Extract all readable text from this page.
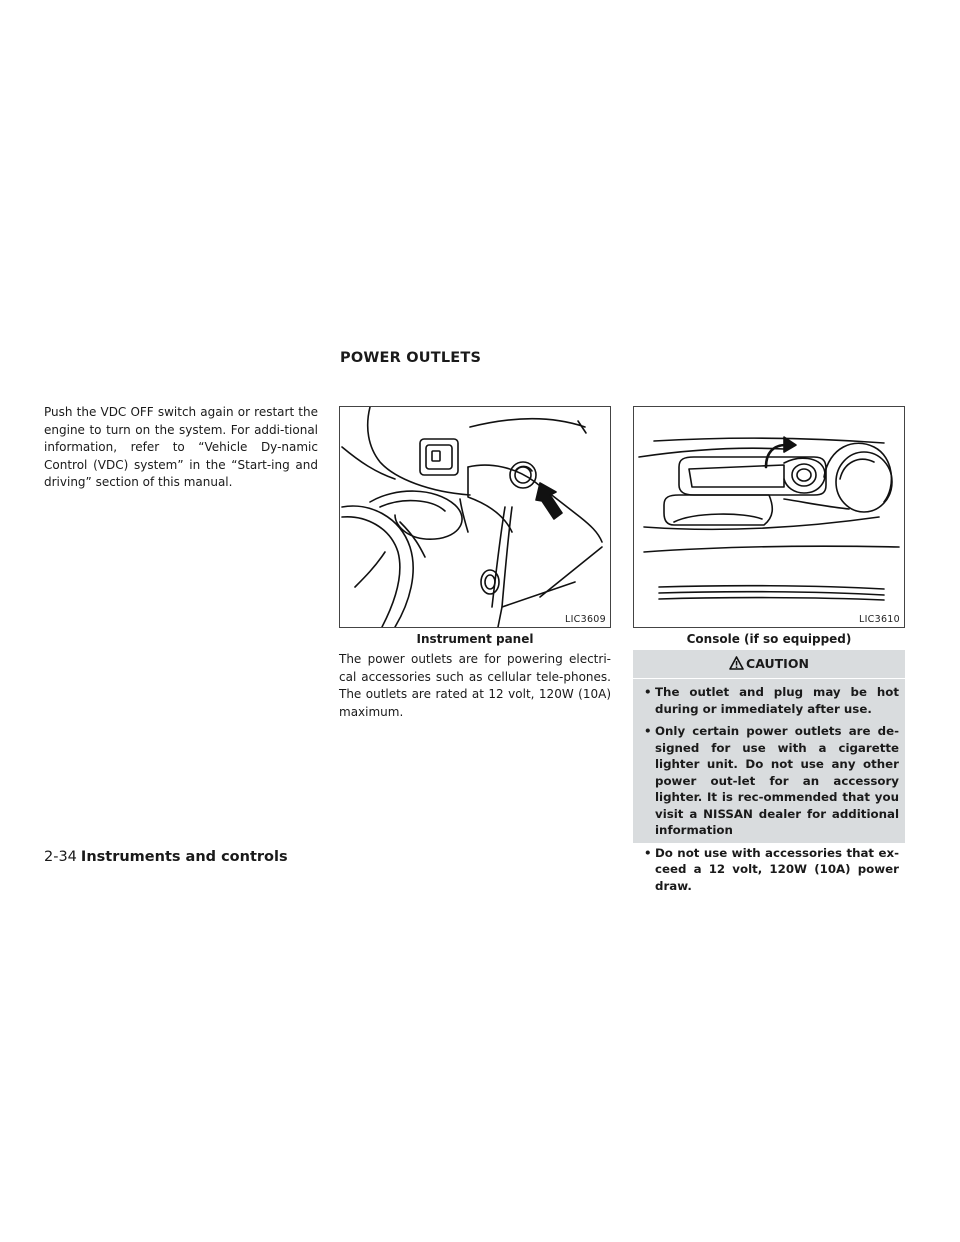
POWER OUTLETS

Push the VDC OFF switch again or restart the engine to turn on the system. For addi-tional information, refer to “Vehicle Dy-namic Control (VDC) system” in the “Start-ing and driving” section of this manual.

LIC3609
Instrument panel
LIC3610
Console (if so equipped)

The power outlets are for powering electri-cal accessories such as cellular tele-phones. The outlets are rated at 12 volt, 120W (10A) maximum.

CAUTION
• The outlet and plug may be hot during or immediately after use.
• Only certain power outlets are de-signed for use with a cigarette lighter unit. Do not use any other power out-let for an accessory lighter. It is rec-ommended that you visit a NISSAN dealer for additional information
• Do not use with accessories that ex-ceed a 12 volt, 120W (10A) power draw.
2-34 Instruments and controls
